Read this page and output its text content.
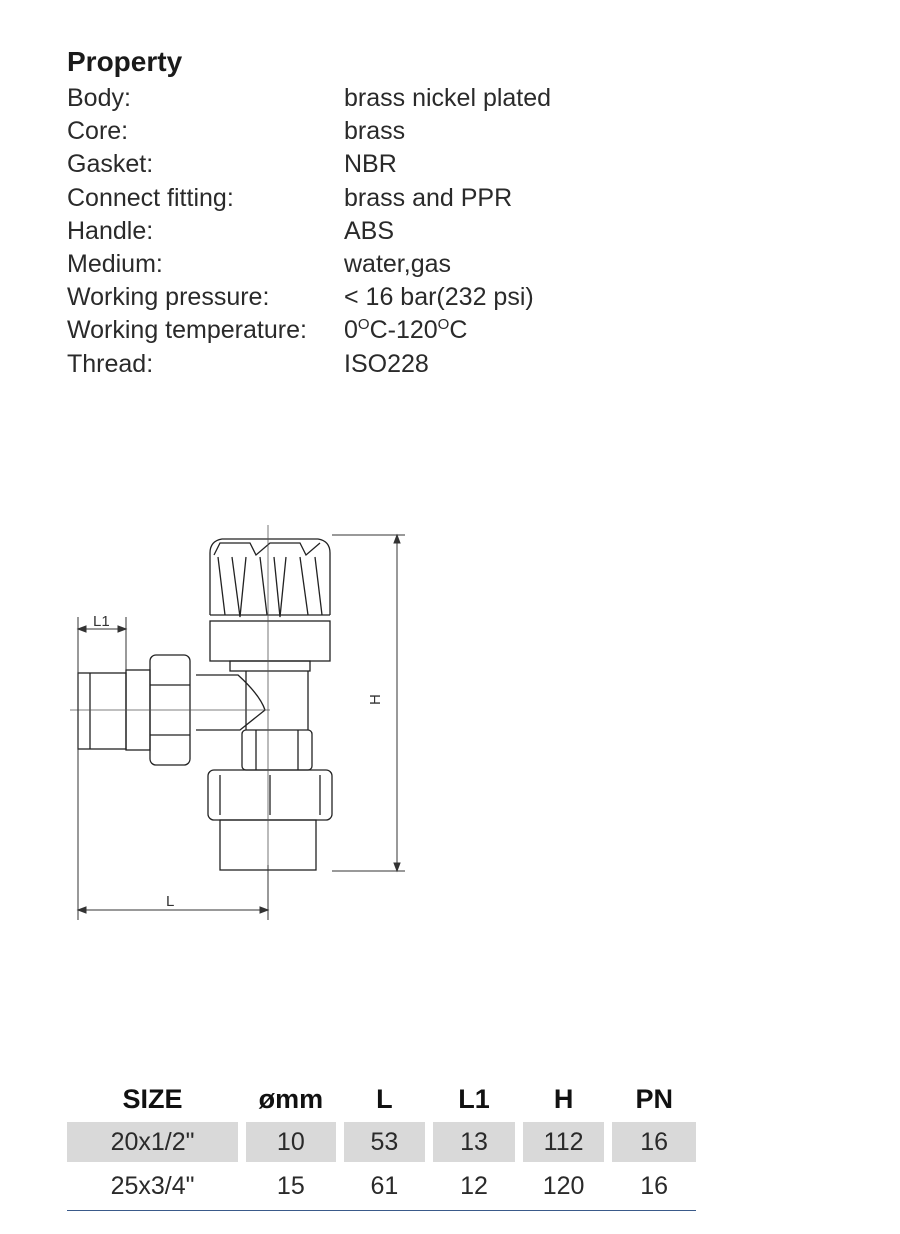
Property
Body:	brass nickel plated
Core:	brass
Gasket:	NBR
Connect fitting:	brass and PPR
Handle:	ABS
Medium:	water,gas
Working pressure:	< 16 bar(232 psi)
Working temperature:	$0^OC-120^OC$
Thread:	ISO228
L1
L
H
SIZE	ømm	L	L1	H	PN
20x1/2"	10	53	13	112	16
25x3/4"	15	61	12	120	16
